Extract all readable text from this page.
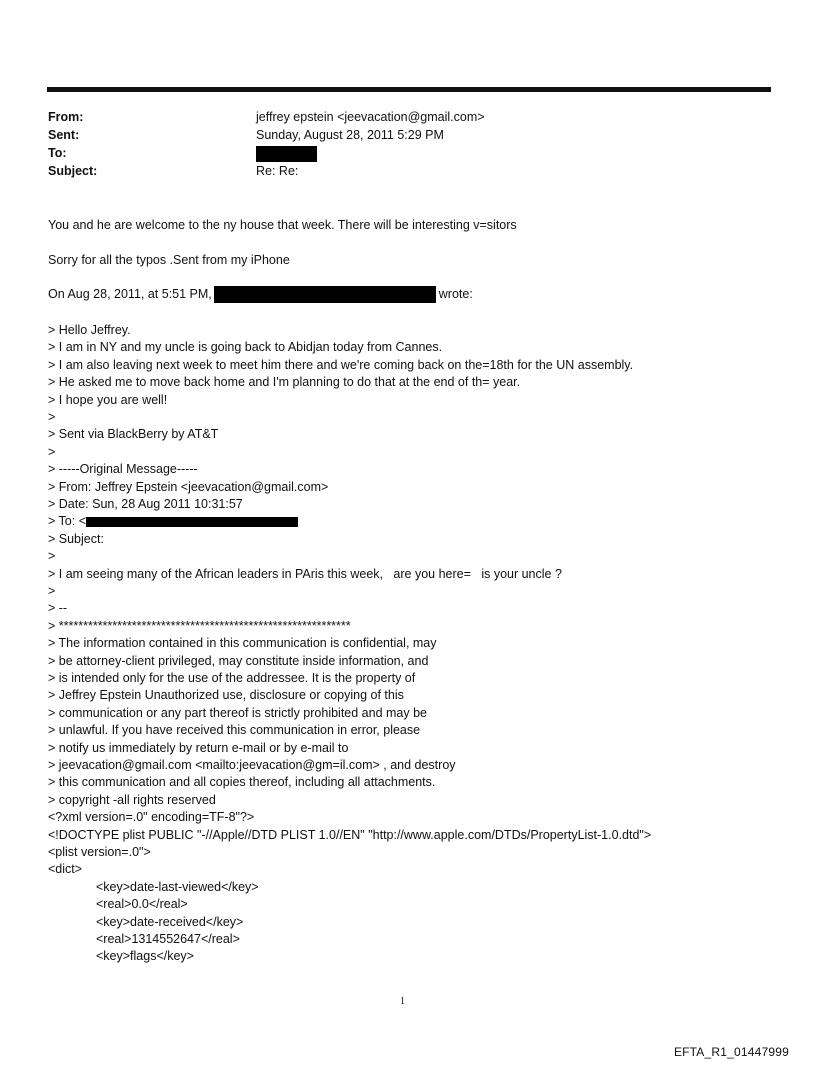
From:	jeffrey epstein <jeevacation@gmail.com>
Sent:	Sunday, August 28, 2011 5:29 PM
To:
Subject:	Re: Re:
You and he are welcome to the ny house that week. There will be interesting v=sitors
Sorry for all the typos .Sent from my iPhone
On Aug 28, 2011, at 5:51 PM,	wrote:
> Hello Jeffrey.
> I am in NY and my uncle is going back to Abidjan today from Cannes.
> I am also leaving next week to meet him there and we're coming back on the=18th for the UN assembly.
> He asked me to move back home and I'm planning to do that at the end of th= year.
> I hope you are well!
>
> Sent via BlackBerry by AT&T
>
> -----Original Message-----
> From: Jeffrey Epstein <jeevacation@gmail.com>
> Date: Sun, 28 Aug 2011 10:31:57
> To: <
> Subject:
>
> I am seeing many of the African leaders in PAris this week,   are you here=   is your uncle ?
>
> --
> ************************************************************
> The information contained in this communication is confidential, may
> be attorney-client privileged, may constitute inside information, and
> is intended only for the use of the addressee. It is the property of
> Jeffrey Epstein Unauthorized use, disclosure or copying of this
> communication or any part thereof is strictly prohibited and may be
> unlawful. If you have received this communication in error, please
> notify us immediately by return e-mail or by e-mail to
> jeevacation@gmail.com <mailto:jeevacation@gm=il.com> , and destroy
> this communication and all copies thereof, including all attachments.
> copyright -all rights reserved
<?xml version=.0" encoding=TF-8"?>
<!DOCTYPE plist PUBLIC "-//Apple//DTD PLIST 1.0//EN" "http://www.apple.com/DTDs/PropertyList-1.0.dtd">
<plist version=.0">
<dict>
<key>date-last-viewed</key>
<real>0.0</real>
<key>date-received</key>
<real>1314552647</real>
<key>flags</key>
1
EFTA_R1_01447999
